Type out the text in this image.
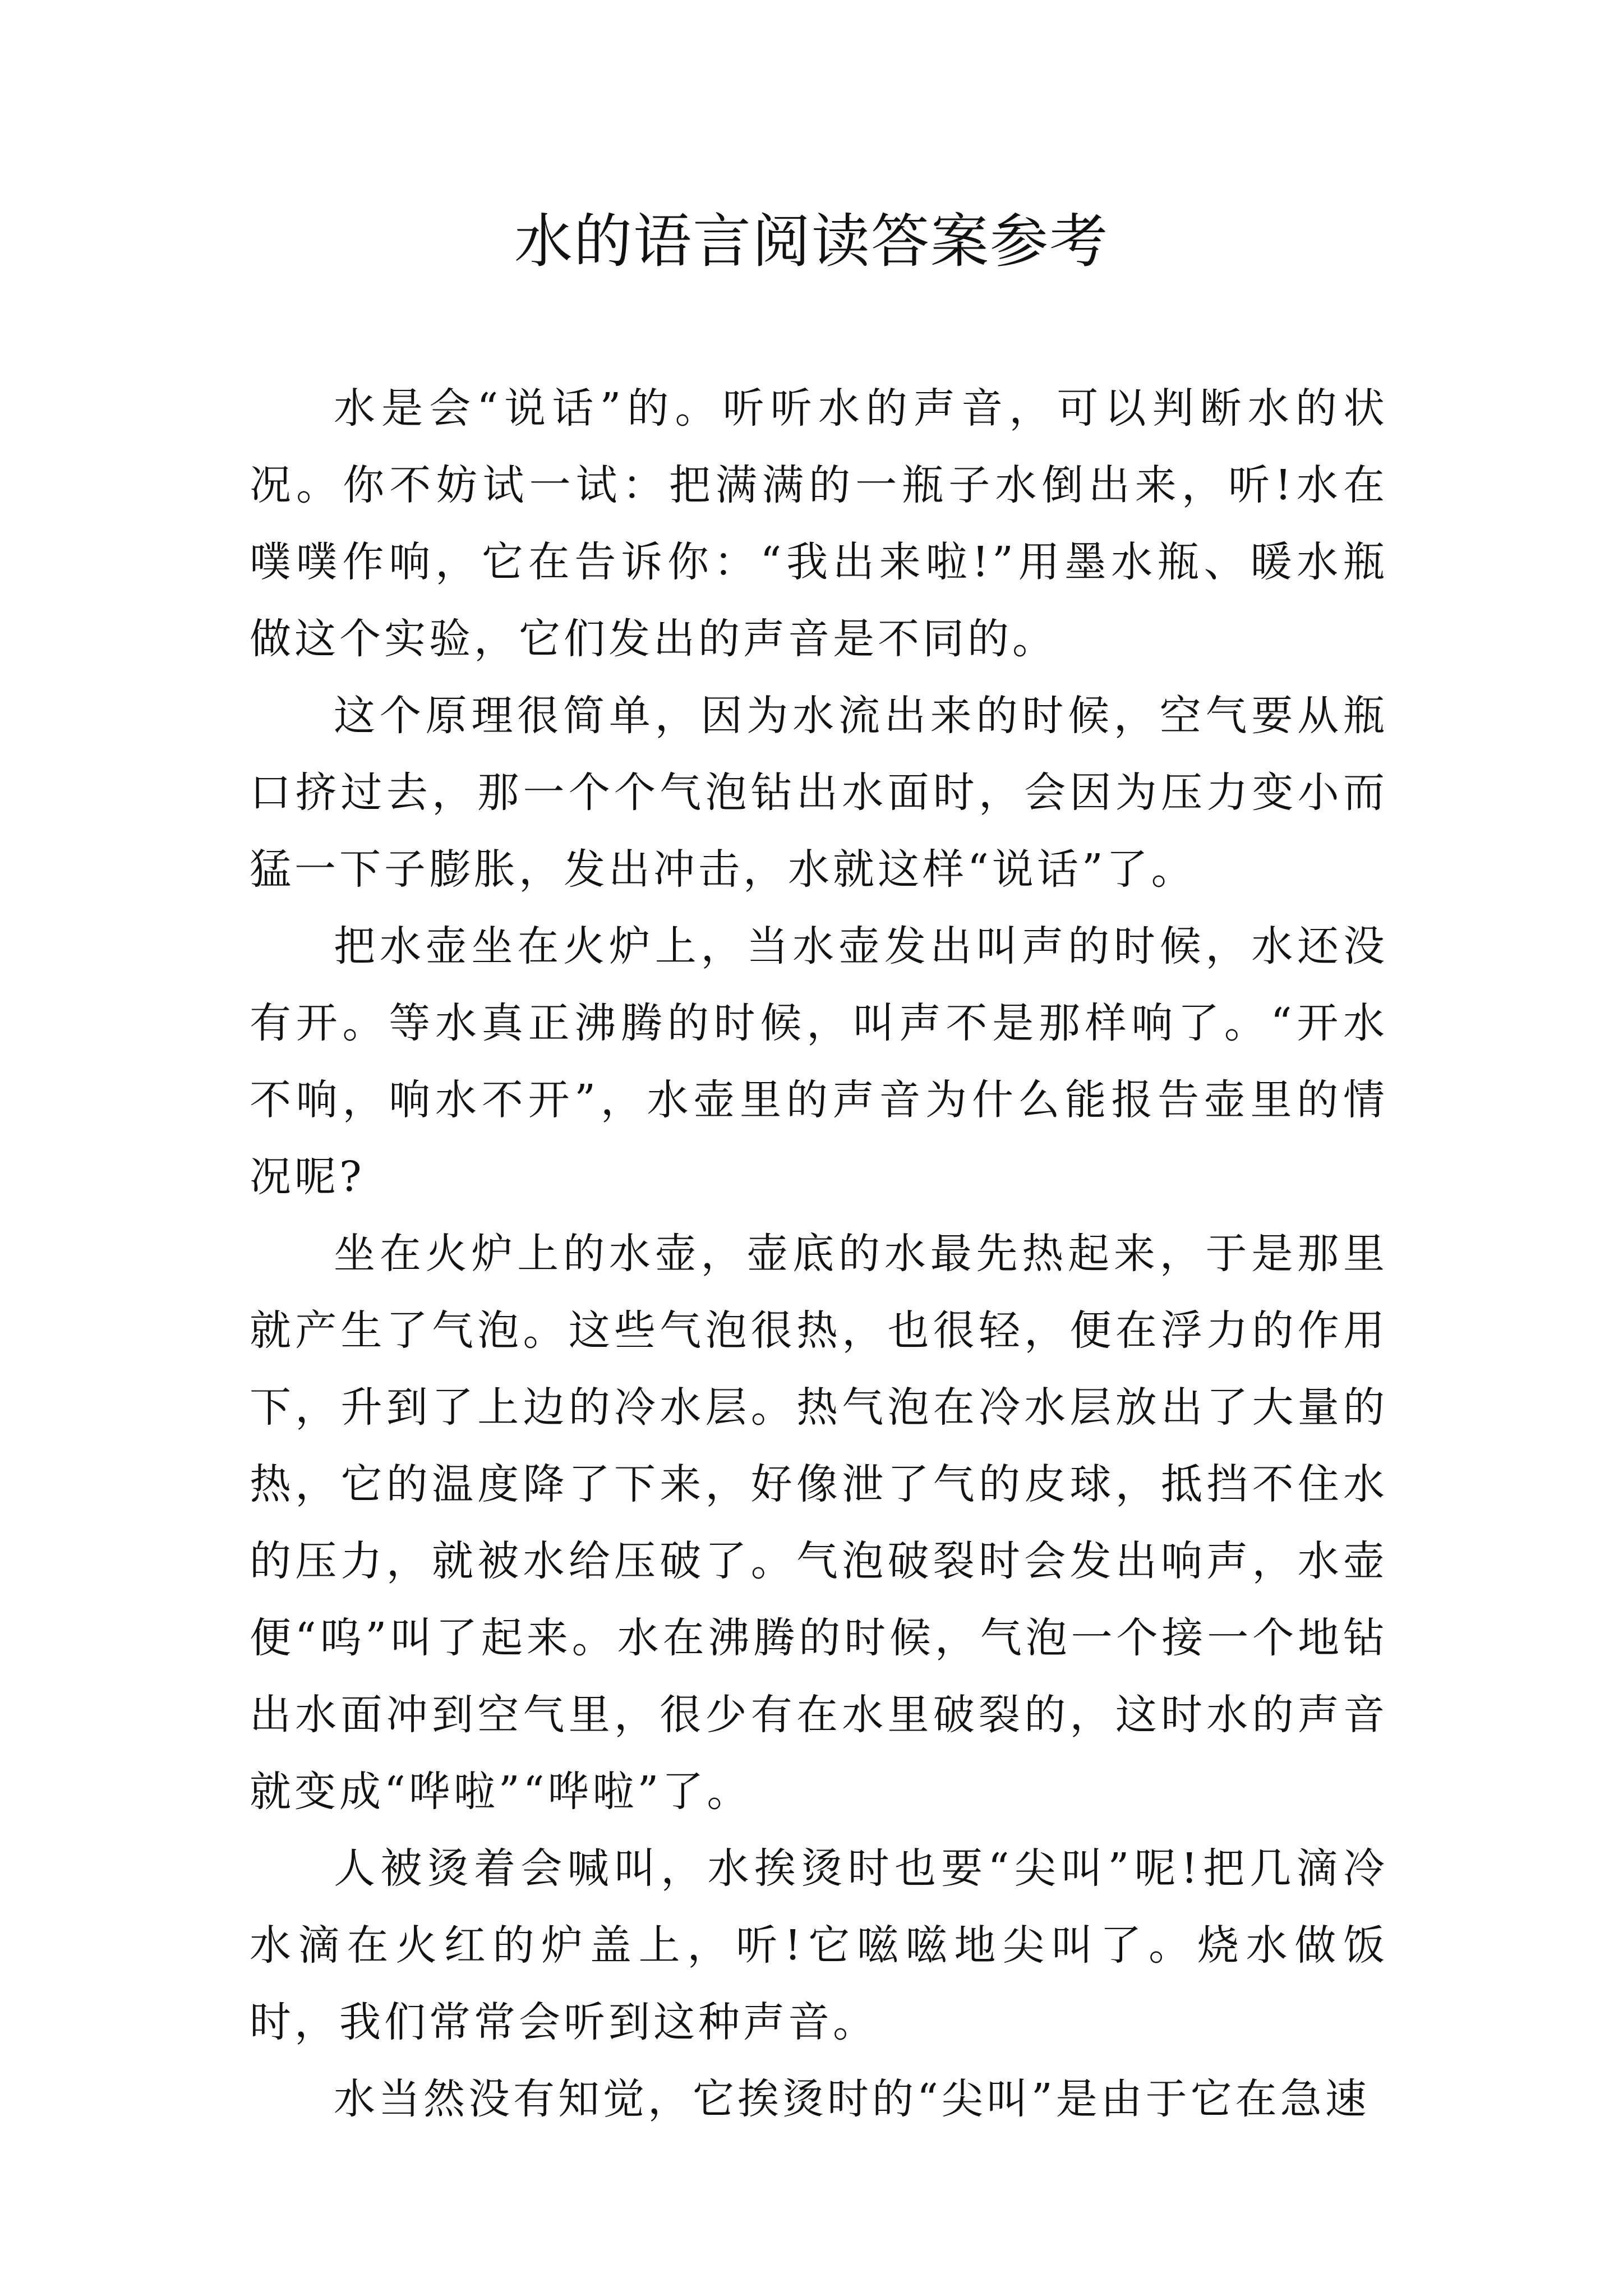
水的语言阅读答案参考

水是会“说话”的。听听水的声音，可以判断水的状况。你不妨试一试：把满满的一瓶子水倒出来，听!水在噗噗作响，它在告诉你：“我出来啦!”用墨水瓶、暖水瓶做这个实验，它们发出的声音是不同的。

这个原理很简单，因为水流出来的时候，空气要从瓶口挤过去，那一个个气泡钻出水面时，会因为压力变小而猛一下子膨胀，发出冲击，水就这样“说话”了。

把水壶坐在火炉上，当水壶发出叫声的时候，水还没有开。等水真正沸腾的时候，叫声不是那样响了。“开水不响，响水不开”，水壶里的声音为什么能报告壶里的情况呢?

坐在火炉上的水壶，壶底的水最先热起来，于是那里就产生了气泡。这些气泡很热，也很轻，便在浮力的作用下，升到了上边的冷水层。热气泡在冷水层放出了大量的热，它的温度降了下来，好像泄了气的皮球，抵挡不住水的压力，就被水给压破了。气泡破裂时会发出响声，水壶便“呜”叫了起来。水在沸腾的时候，气泡一个接一个地钻出水面冲到空气里，很少有在水里破裂的，这时水的声音就变成“哗啦”“哗啦”了。

人被烫着会喊叫，水挨烫时也要“尖叫”呢!把几滴冷水滴在火红的炉盖上，听!它嗞嗞地尖叫了。烧水做饭时，我们常常会听到这种声音。

水当然没有知觉，它挨烫时的“尖叫”是由于它在急速
